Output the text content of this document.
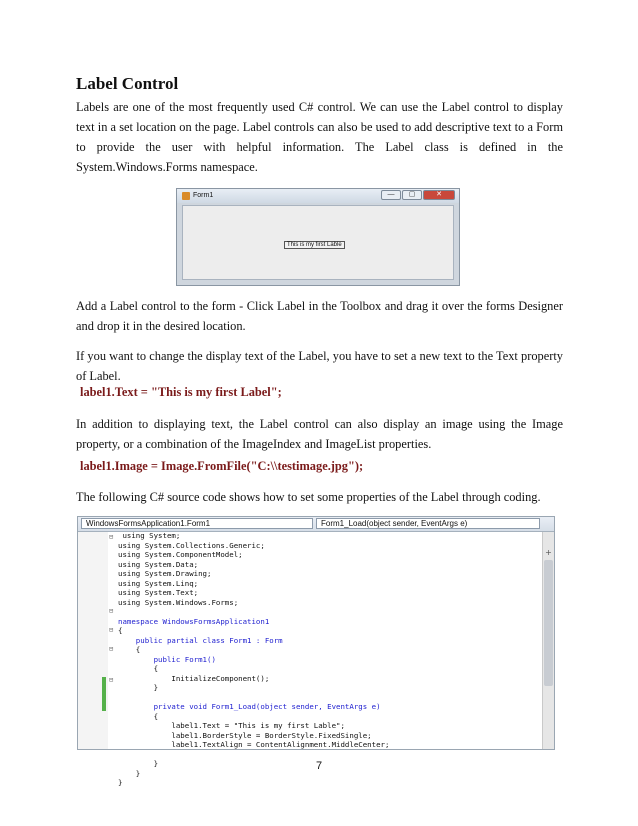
Label Control
Labels are one of the most frequently used C# control. We can use the Label control to display text in a set location on the page. Label controls can also be used to add descriptive text to a Form to provide the user with helpful information. The Label class is defined in the System.Windows.Forms namespace.
Form1	—	▢	✕
This is my first Lable
Add a Label control to the form - Click Label in the Toolbox and drag it over the forms Designer and drop it in the desired location.
If you want to change the display text of the Label, you have to set a new text to the Text property of Label.
label1.Text = "This is my first Label";
In addition to displaying text, the Label control can also display an image using the Image property, or a combination of the ImageIndex and ImageList properties.
label1.Image = Image.FromFile("C:\\testimage.jpg");
The following C# source code shows how to set some properties of the Label through coding.
WindowsFormsApplication1.Form1	Form1_Load(object sender, EventArgs e)
+
⊟
⊟
⊟
⊟
⊟
using System;
using System.Collections.Generic;
using System.ComponentModel;
using System.Data;
using System.Drawing;
using System.Linq;
using System.Text;
using System.Windows.Forms;

namespace WindowsFormsApplication1
{
public partial class Form1 : Form
{
public Form1()
{
InitializeComponent();
}

private void Form1_Load(object sender, EventArgs e)
{
label1.Text = "This is my first Lable";
label1.BorderStyle = BorderStyle.FixedSingle;
label1.TextAlign = ContentAlignment.MiddleCenter;

}
}
}
7
